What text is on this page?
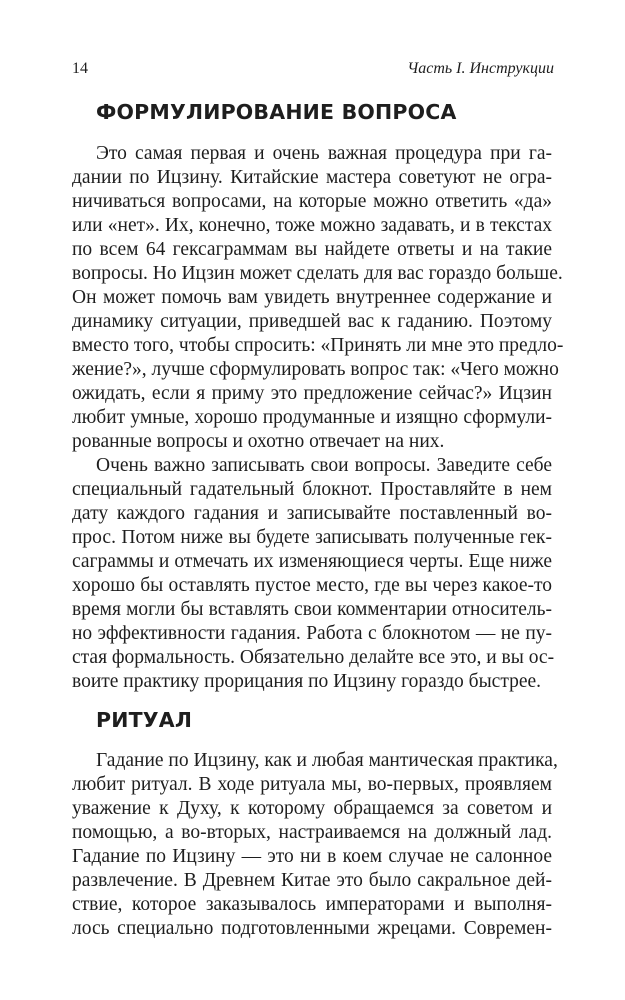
14	Часть I. Инструкции
ФОРМУЛИРОВАНИЕ ВОПРОСА
Это самая первая и очень важная процедура при га-
дании по Ицзину. Китайские мастера советуют не огра-
ничиваться вопросами, на которые можно ответить «да»
или «нет». Их, конечно, тоже можно задавать, и в текстах
по всем 64 гексаграммам вы найдете ответы и на такие
вопросы. Но Ицзин может сделать для вас гораздо больше.
Он может помочь вам увидеть внутреннее содержание и
динамику ситуации, приведшей вас к гаданию. Поэтому
вместо того, чтобы спросить: «Принять ли мне это предло-
жение?», лучше сформулировать вопрос так: «Чего можно
ожидать, если я приму это предложение сейчас?» Ицзин
любит умные, хорошо продуманные и изящно сформули-
рованные вопросы и охотно отвечает на них.
Очень важно записывать свои вопросы. Заведите себе
специальный гадательный блокнот. Проставляйте в нем
дату каждого гадания и записывайте поставленный во-
прос. Потом ниже вы будете записывать полученные гек-
саграммы и отмечать их изменяющиеся черты. Еще ниже
хорошо бы оставлять пустое место, где вы через какое-то
время могли бы вставлять свои комментарии относитель-
но эффективности гадания. Работа с блокнотом — не пу-
стая формальность. Обязательно делайте все это, и вы ос-
воите практику прорицания по Ицзину гораздо быстрее.
РИТУАЛ
Гадание по Ицзину, как и любая мантическая практика,
любит ритуал. В ходе ритуала мы, во-первых, проявляем
уважение к Духу, к которому обращаемся за советом и
помощью, а во-вторых, настраиваемся на должный лад.
Гадание по Ицзину — это ни в коем случае не салонное
развлечение. В Древнем Китае это было сакральное дей-
ствие, которое заказывалось императорами и выполня-
лось специально подготовленными жрецами. Современ-
